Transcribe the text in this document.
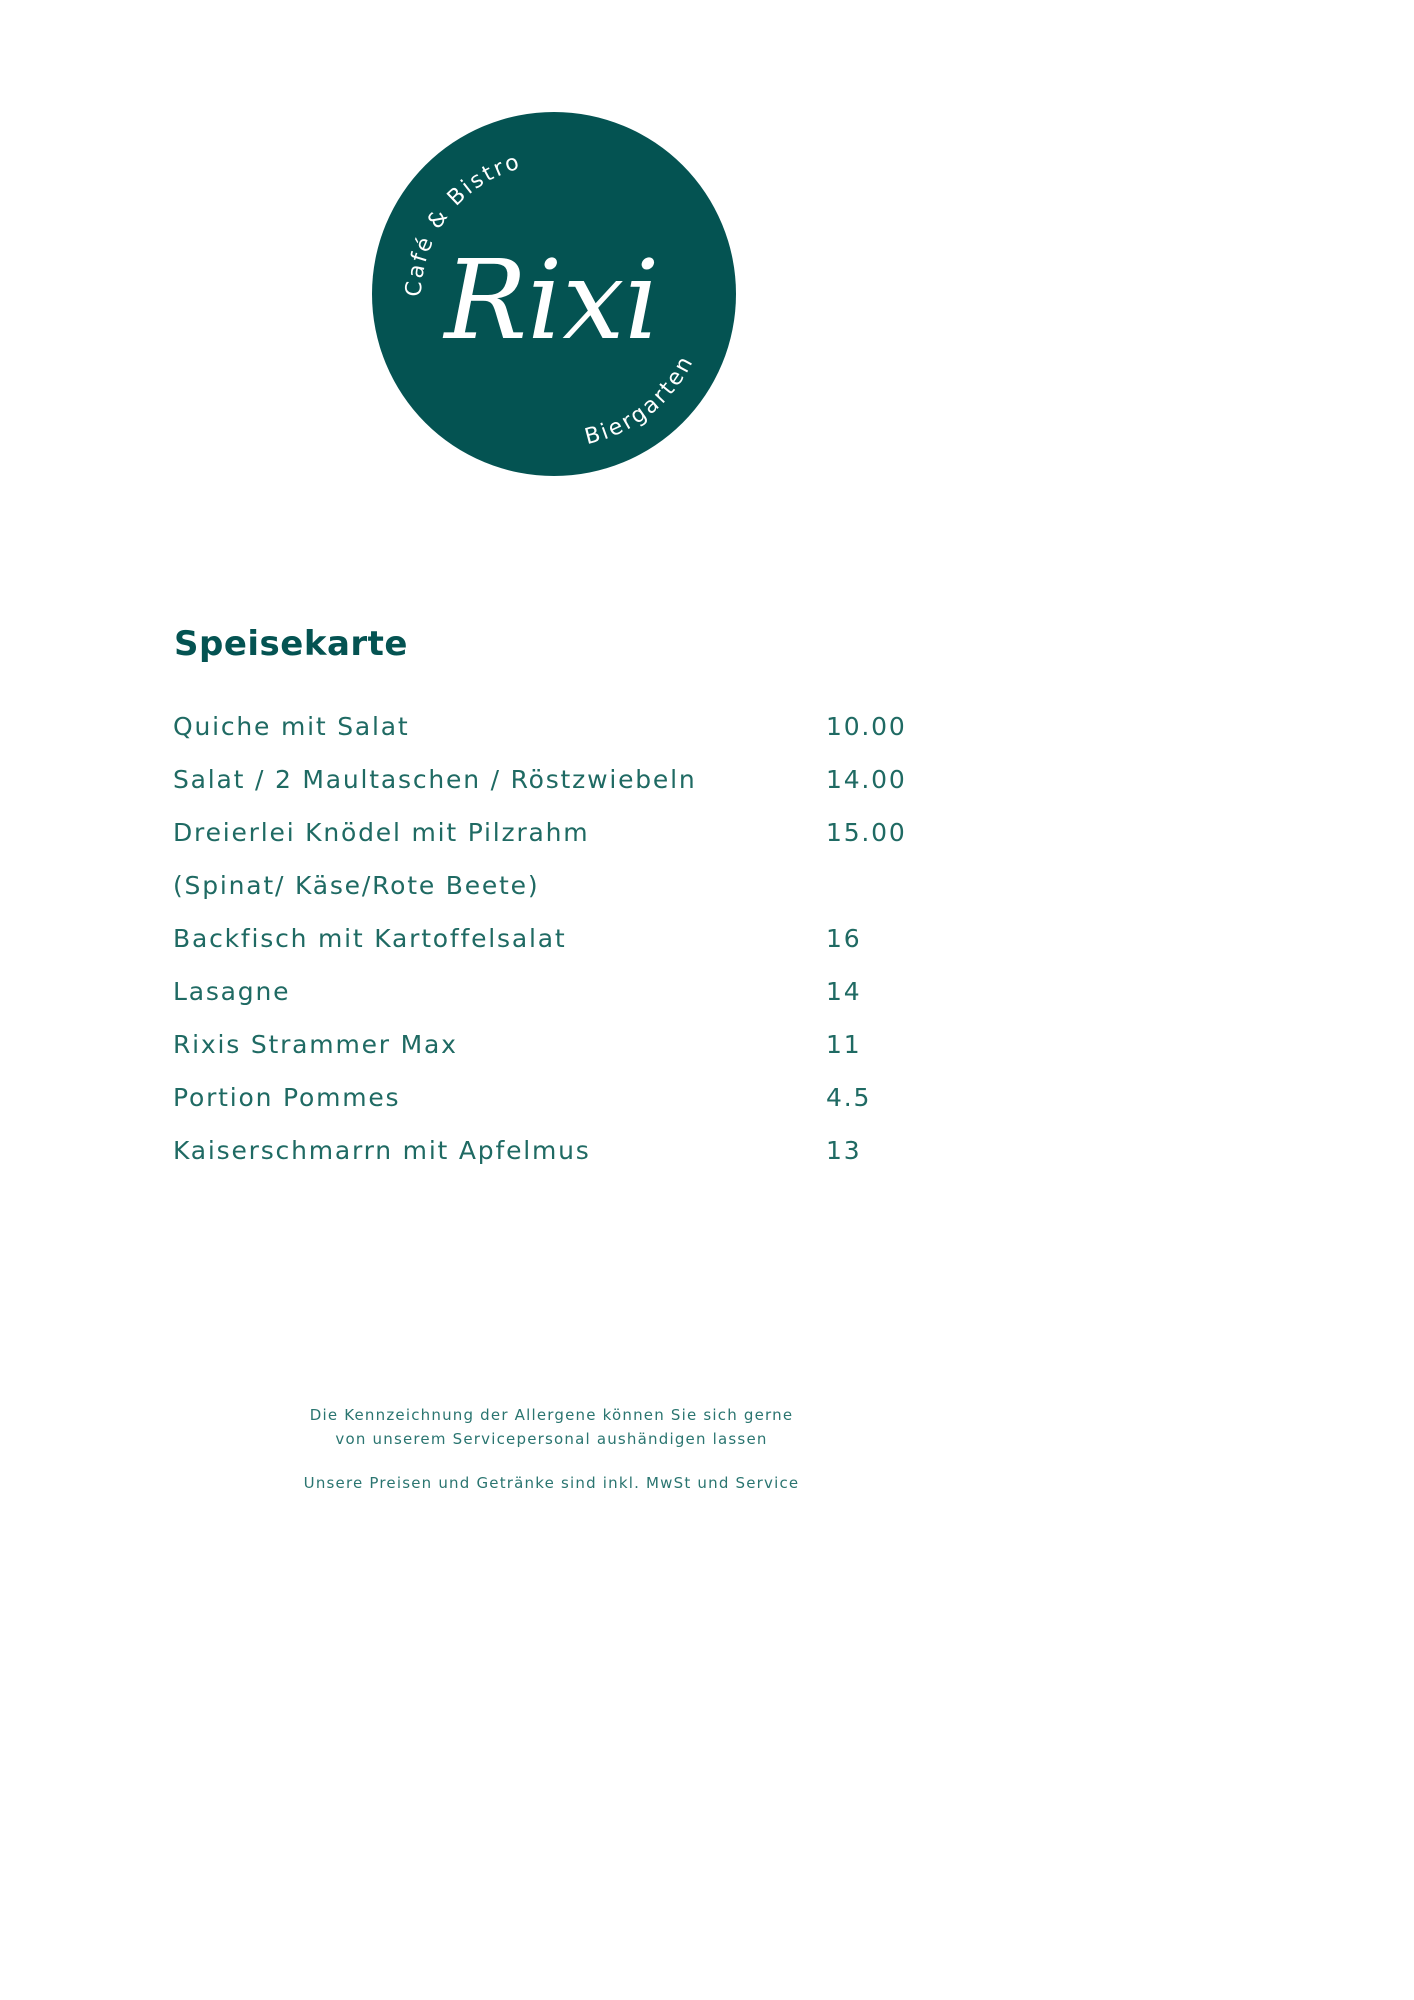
Café & Bistro
Biergarten
Rixi
Speisekarte
Quiche mit Salat	10.00
Salat / 2 Maultaschen / Röstzwiebeln	14.00
Dreierlei Knödel mit Pilzrahm	15.00
(Spinat/ Käse/Rote Beete)
Backfisch mit Kartoffelsalat	16
Lasagne	14
Rixis Strammer Max	11
Portion Pommes	4.5
Kaiserschmarrn mit Apfelmus	13
Die Kennzeichnung der Allergene können Sie sich gerne
von unserem Servicepersonal aushändigen lassen
Unsere Preisen und Getränke sind inkl. MwSt und Service
